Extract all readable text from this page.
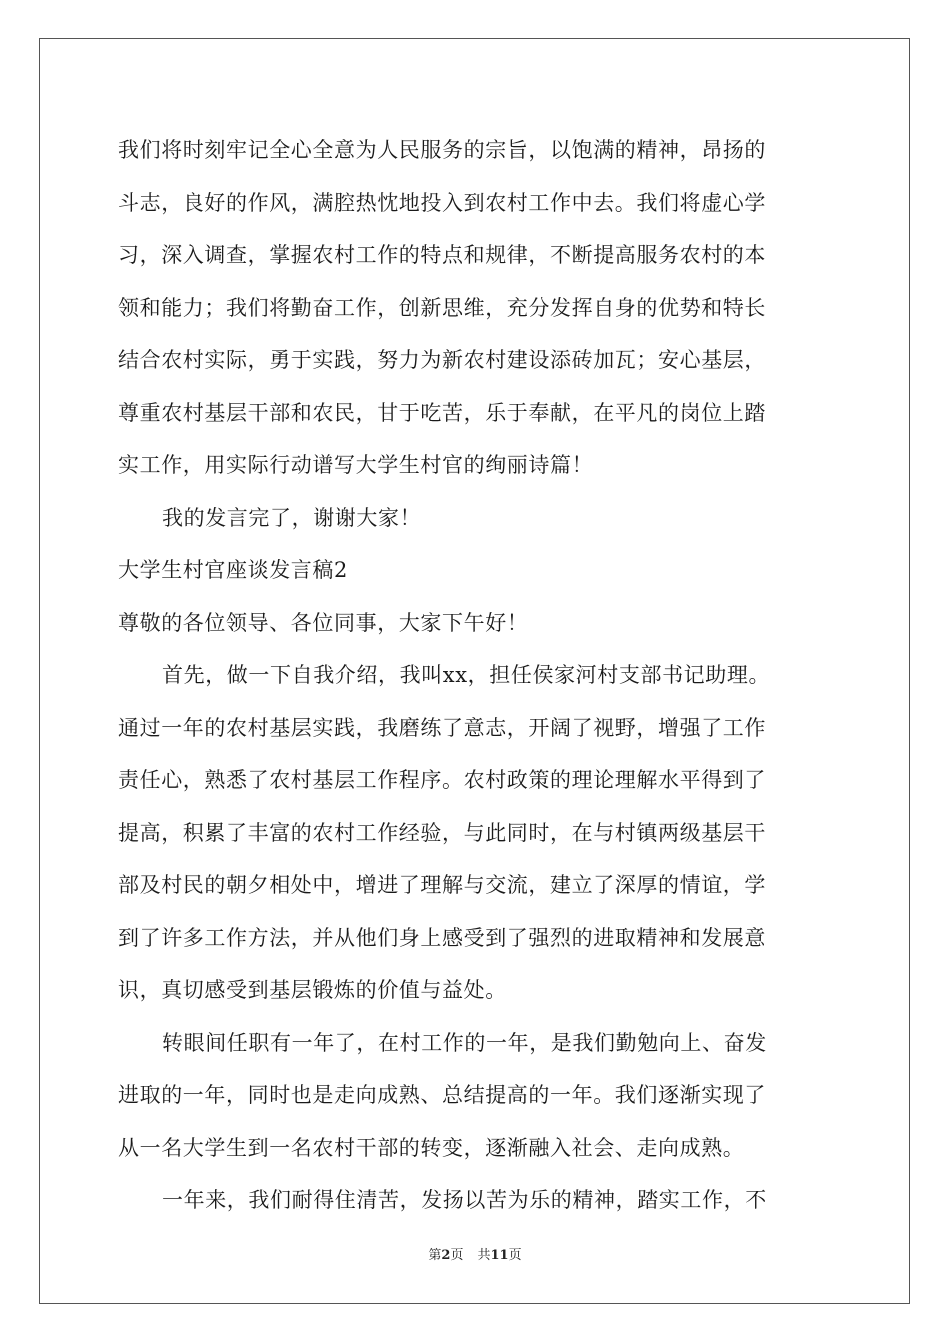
我们将时刻牢记全心全意为人民服务的宗旨，以饱满的精神，昂扬的
斗志，良好的作风，满腔热忱地投入到农村工作中去。我们将虚心学
习，深入调查，掌握农村工作的特点和规律，不断提高服务农村的本
领和能力；我们将勤奋工作，创新思维，充分发挥自身的优势和特长
结合农村实际，勇于实践，努力为新农村建设添砖加瓦；安心基层，
尊重农村基层干部和农民，甘于吃苦，乐于奉献，在平凡的岗位上踏
实工作，用实际行动谱写大学生村官的绚丽诗篇！
我的发言完了，谢谢大家！
大学生村官座谈发言稿2
尊敬的各位领导、各位同事，大家下午好！
首先，做一下自我介绍，我叫xx，担任侯家河村支部书记助理。
通过一年的农村基层实践，我磨练了意志，开阔了视野，增强了工作
责任心，熟悉了农村基层工作程序。农村政策的理论理解水平得到了
提高，积累了丰富的农村工作经验，与此同时，在与村镇两级基层干
部及村民的朝夕相处中，增进了理解与交流，建立了深厚的情谊，学
到了许多工作方法，并从他们身上感受到了强烈的进取精神和发展意
识，真切感受到基层锻炼的价值与益处。
转眼间任职有一年了，在村工作的一年，是我们勤勉向上、奋发
进取的一年，同时也是走向成熟、总结提高的一年。我们逐渐实现了
从一名大学生到一名农村干部的转变，逐渐融入社会、走向成熟。
一年来，我们耐得住清苦，发扬以苦为乐的精神，踏实工作，不
第2页 共11页
